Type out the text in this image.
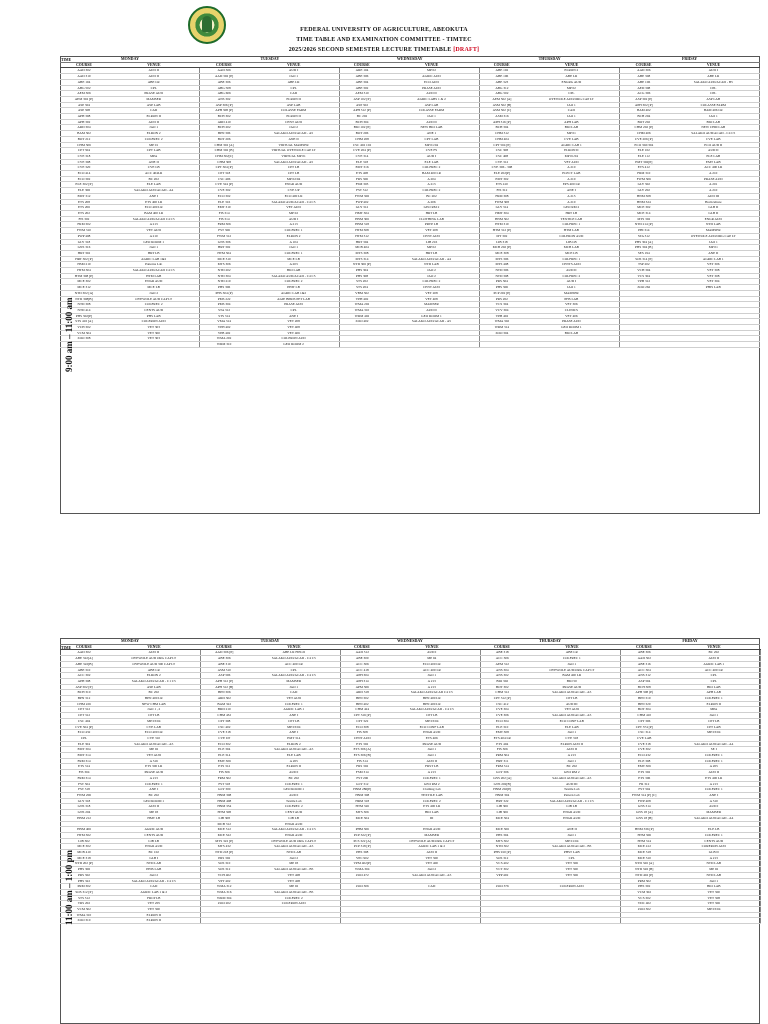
FEDERAL UNIVERSITY OF AGRICULTURE, ABEOKUTA
TIME TABLE AND EXAMINATION COMMITTEE - TIMTEC
2025/2026 SECOND SEMESTER LECTURE TIMETABLE [DRAFT]
TIME	MONDAY		TUESDAY		WEDNESDAY		THURSDAY		FRIDAY	
COURSE	VENUE	COURSE	VENUE	COURSE	VENUE	COURSE	VENUE	COURSE	VENUE
AAD 302	AUD II	AAD 306	AUD I	ARE 104	MP 02	ABE 102	ELRON 2	AAD 306	AUD I
AAD 310	AUD II	AAD 302 [P]	JAO 1	ABE 306	AGRIC AUD	ABE 106	ABE LR	ABE 308	ABE LR
ABE 104	ABE LR	ABE 306	ABE LR	ABE 304	ECO AUD	ABE 323	ENGRG AUD	ABE 106	SALAKO AUD/ACAD - B5
ABG 502	CPL	ABG 508	CPL	ABE 302	PRASE AUD	ABG 312	MP 02	AED 308	CPL
AEM 306	PRASE AUD	ABG 606	CAD	AEM 310	AUD II	ABG 502	CPL	ACG 306	CPL
AEM 302 [P]	MAMSER	ANS 302	ELRON II	ASP 102 [P]	AGRIC LABS 1 & 2	AEM 502 [A]	OYEWOLE AUD/ORG CAP LT	ASP 302 [P]	ASP LAB
ASP 304	ASP LAB	ASP 306 [P]	ASP LAB	ASP 302	ASP LAB	ASM 502 [B]	JAO 1	APH 302 [P]	COLASSE FARM
ASP 308	CAD	APH 308 [P]	COLASSE FARM	APH 312 [P]	COLASSE FARM	ASM 502 [C]	CAD	BAM 402	BAM 406 LR
APH 308	ELRON II	BCH 302	ELRON II	BC 202	JAO 1	ASM 316	JAO 1	BCH 204	JAO 1
APH 302	AUD II	ARD 410	CENT AUD	BCH 304	AUD II	APH 316 [P]	APH LAB	BOT 202	BIO LAB
ARD 304	JAO 1	BCH 202	JAO 2	BIO 102 [P]	NEW BIO LAB	BCH 304	BIO LAB	CHM 202 [P]	NEW CHM LAB
BAM 302	ELRON 2	BPN 306	SALAKO AUD/ACAD - A5	BOT 206	ANE 1	CHM 312	MP 01	CHM 406	SALAKO AUD/ACAD - C4 C5
BOT 212	COLFREC 2	BOT 206	ANE II	CHM 208	CPT LAB	CHM 404	CVE LAB	CVE 206 [P]	CVE LAB
CHM 306	MP 01	CHM 302 [A]	VIRTUAL MAMSER	CSC 402 102	MP 01/04	CPT 504 [P]	AGRIC LAB 1	ECO 302/304	ECO AUD II
CPT 304	CPT LAB	CHM 302 [B]	VIRTUAL OYEWOLE CAP LT	CVE 204 [P]	CVE FS	CSC 308	ELRON II	ELE 102	AUD II
CVE 318	MPA	CHM 302[C]	VIRTUAL MP 01	CVE 314	AUD I	CSC 408	MP 01/04	ELE 112	ELE LAB
CVE 308	ANE II	CHM 308	SALAKO AUD/ACAD - A5	ELE 318	ELE LAB	CVE 312	VET AUD	EMT 302[P]	EMT LAB
CVE 320	CVE LB	CPT 304 [P]	CPT LB	EMT 316	COLFREC 2	CVE 306 - 308	A 210	ETS 412	ACC 400 LR
ECO 414	ACC 404LR	CPT 318	CPT LB	ETS 408	BAM 400 LR	ELE 202[P]	ELECT LAB	FRM 310	A 210
ECO 302	BC 202	CSC 406	MP 02/04	FRS 306	A 204	EMT 302	A 210	FWM 306	PRASE AUD
ELE 302 [P]	ELE LAB	CVE 324 [P]	ENGR AUD	FSM 303	A 213	ETS 410	EPS 400 LR	GLY 302	A 201
ELE 306	SALAKO AUD/ACAD - A4	CVE 302	CVE UP	FST 312	COLFREC 2	FIS 312	ANE I	GLY 202	A 210
EMT 312	ANE I	ECO 302	ECO 400 LR	FWM 306	BC 202	FRM 308	A 213	HNM 308	AUD III
ETS 208	ETS 400 LR	ELE 316	SALAKO AUD/ACAD - C4 C5	FWP 402	A 206	FWM 308	A 210	HNM 324	Horticulture
ETS 206	ECO 400 LR	EMT 310	VET AUD	GLY 312	GEO RM 2	GLY 314	GEO RM 2	MCE 302	GLB II
ETS 202	BAM 400 LR	FIS 314	MP 02	HMT 304	HRT LB	HMT 304	HRT LB	MCE 314	GLB II
FIS 302	SALAKO AUD/ACAD C4 C5	FIS 314	AUD I	HNM 306	CLOTHING LAB	HNM 302	TEXTILE LAB	MTS 302	ENGR AUD
FRM 302	A 213	FRM 306	A 213	HNM 318	PRVP LB	HTM 310	COLFREC 1	NTD 214 [P]	NTD LAB
FWM 310	VET AUD	FST 306	COLFREC 1	HTM 308	VET 208	HTM 312 [P]	HTM LAB	PHI 314	MAMSER
PWP 408	A 210	FWM 312	ELRON 2	HTM 312	CENT AUD	IPT 302	COLERON AUD	STA 312	OYEWOLE AUD/ORG CAP LT
GLY 318	GEO ROOM 1	GNS 306	A 104	HRT 304	LIB 216	LIB 318	LIB LB	PHS 304 [A]	JAO 1
GNS 316	JAO 1	HRT 302	JAO 1	MCB 404	MP 02	MCB 202 [P]	MCB LAB	PHS 304 [B]	MP 01
HRT 302	HRT LB	HTM 304	COLFREC 1	MTS 308	HRT LB	MCE 308	MCE LB	SES 194	ANE II
HRT 302 [P]	AGRIC LAB 1&2	MCE 310	MCE LB	MTS 314	SALAKO AUD/ACAD - A4	MTS 306	COLFREC 1	SOS 314 [P]	AGRIC LAB 1
HSM 210	Patterns Lab	MTS 306	A 203	NTD 306 [P]	NTD LAB	MTS 408	CENTS AUD	TSP 202	VET 306
HTM 304	SALAKO AUD/ACAD C4 C5	NTD 202	BIO LAB	PHS 304	JAO 2	NTD 306	AUD II	VCH 304	VET 308
HTM 308 [P]	HTM LAB	NTD 304	SALAKO AUD/ACAD - C4 C5	PHS 308	JAO 2	NTD 308	COLFREC 2	VCS 304	VET 308
MCE 302	ENGR AUD	NTD 210	COLFREC 2	STS 202	COLFREC 2	PRS 304	AUD I	VPB 312	VET 304
MCE 312	MCE LB	PHS 306	PHIT LB	STS 204	CENT AUD	PHS 306	JAO 1	ZOO 262	PHIS LAB
NTD 302 [A]	JAO 2	PHS 304 (P)	AGRIC LAB 1&2	VBM 302	VET 208	PCP 202 [P]	MAMSER		
NTD 308[B]	OYEWOLE AUD CAP LT	PMS 222	AGIE BPRIS PET LAB	VPH 402	VET 408	PRS 202	PHS LAB		
NTD 308	COLFREC 2	PMS 304	PRASE AUD	WMA 202	MAMSER	VCS 304	VET 306		
NTD 414	CENTS AUD	STA 312	CPL	WMA 310	AUD II	VCV 304	CLINICS		
PHS 302[P]	PHS LAB	STS 314	ANE I	WRM 402	GEO ROOM 1	VPB 402	VET 406		
STS 416 [A]	COLERON AUD	VMA 314	VET 208	ZOO 402	SALAKO AUD/ACAD - A5	WMA 302	PRASE AUD		
VCH 302	VET 303	VPH 402	VET 408			WRM 314	GEO ROOM 1		
VCM 304	VET 300	VPB 402	VET 406			ZOO 304	BIO LAB		
ZOO 308	VET 303	WMA 202	COLERON AUD						
		WRM 310	GEO ROOM 2						
9:00 am – 11:00 am
TIME
MONDAY		TUESDAY		WEDNESDAY		THURSDAY		FRIDAY		
COURSE	VENUE	COURSE	VENUE	COURSE	VENUE	COURSE	VENUE	COURSE	VENUE	
AAD 302	AUD II	AAD 306 [P]	ABE LR FIELD	AAD 312	AUD I	ABE 318	ABE LR	ABE 306	BC 202	
ABE 322[A]	OYEWOLE AUD ORG CAP LT	ABE 306	SALAKO AUD/ACAD - C4 C5	ABE 300	MP 04	ACC 306	COLFREC 1	AAD 302	AUD II	
ABE 322[B]	OYEWOLE AUD 300 CAP LT	ABE 310	ACC 400 LR	ACC 306	ECO 400 LR	AEM 312	JAO 1	ABE 316	AGRIC LAB 1	
ABE 310	ABE LR	ASM 310	CPL	ACC 418	ACC 400 LR	ANS 304	OYEWOLE AUD/ORG CAP LT	ACC 304	ACC 400 LR	
ACC 302	ELRON 2	ASP 306	SALAKO AUD/ACAD - C4 C5	APH 304	JAO 1	ANS 302	BAM 400 LR	ANS 312	CPL	
APH 308	SALAKO AUD/ACAD - C1 C5	APH 312 [P]	MAMSER	APH 314	A 213	BIO 302	BIO 50	ASP 304	CPL	
ASP 302 [P]	ASP LAB	APH 312 [B]	JAO 1	APM 306	A 213	BOT 302	PRASE AUD	BCH 308	BIO LAB	
BCH 310	BC 202	BPN 306	CAD	ARD 318	SALAKO AUD/ACAD C4 C5	CHM 312	SALAKO AUD/ACAD - A5	APH 308 (P)	APH LAB	
BPN 312	BPN 400 LR	ARD 302	VET AUD	BPN 302	BPN 400 LR	CPT 312 [P]	CPT LB	BPN 310	COLFREC 1	
CHM 226	NEW CHM LAB	BAM 322	COLFREC 1	BPN 402	BPN 400 LR	CSC 412	AUD III	BPN 320	ELRON II	
CPT 312	JAO 1 , 2	BRD 210	AGRIC LAB 1	CHM 424	SALAKO AUD/ACAD - C4 C5	CVE 304	VET AUD	BOT 304	MPA	
CPT 312	CPT LB	CHM 432	ANE I	CPT 316 [P]	CPT LB	CVE 306	SALAKO AUD/ACAD - A5	CHM 410	JAO 1	
CSC 404	MP 03/04	CPT 308	CPT LB	CPT 322	MP 03/04	ECO 304	ECO CONF LAB	CPT 306	CPT LB	
CVE 304 [P]	CVE LAB	CSC 402	MP 03/04	ECO 308	ECO CONF LAB	ELE 310	ELE LAB	CPT 374 [P]	CPT LAB	
ECO 432	ECO 400 LR	CVE 318	ANE I	FIS 308	ENGR AUD	EMT 308	JAO 1	CSC 314	MP 03/04	
CPL	CVE 310	CVE UP	EMT 314	CENT AUD	ETS 406	ETS 404 LR	CVE 318	CVE LAB		
ELE 304	SALAKO AUD/ACAD - A5	ECO 302	ELRON 2	ETS 302	PRASE AUD	ETS 404	ELRON AUD II	CVE 318	SALAKO AUD/ACAD - A4	
EMT 304	MP 02	ELE 304	SALAKO AUD/ACAD - A5	ETS 306 [A]	JAO 1	FIS 306	AUD II	CVE 302	SE I	
EMT 314	VET AUD	ELE 314	ELE LAB	ETS 306 [B]	JAO 1	PRM 304	A 213	ECO 432	COLFREC 1	
FRM 314	A 316	EMT 306	A 205	FIS 314	AUD II	HRT 311	JAO 1	ELE 308	COLFREC 1	
ETS 314	ETS 300 LR	ETS 312	ELRON II	FRS 302	FRST LB	FRM 314	BC 202	EMT 306	A 205	
FIS 304	PRASE AUD	FIS 306	AUD I	FSM 314	A 213	GLY 306	GEO RM 2	ETS 302	AUD II	
FRM 314	A 213	FRM 302	BC 202	FST 206	COLFREC 1	GNS 202 [A]	SALAKO AUD/ACAD - A5	ETS 306	ETS 400 LR	
FST 304	COLFREC 1	FST 318	COLFREC 1	GLY 312	GEO RM 2	GNS 202[B]	AUD III	FR 312	A 213	
FST 318	ANE I	GLY 300	GEO ROOM 1	HNM 286[P]	Clothing Lab	HNM 202[P]	Textile Lab	FST 304	COLFREC 1	
FWM 206	BC 202	HNM 308	AUD I	HNM 308	TEXTILE LAB	HNM 304	Pattern Lab	FWM 314 [P] [C]	ANE I	
GLY 318	GEO ROOM 1	HNM 408	Textile Lab	HRM 318	COLFREC 2	HRT 322	SALAKO AUD/ACAD - C1 C5	FWP 408	A 310	
GNS 318	AUD II	HNM 334	COLFREC 2	HTM 326	ETS 400 LR	LIB 306	LIB LB	GNS 314	AUD I	
GNS 204	MP 03	HTM 308	CENT AUD	MTS 306	BIO LAB	LIB 306	ENGR AUD	GNS 18 [A]	MAMSER	
HNM 212	HMT LB	LIB 308	LIB LB	MCE 304	III	MCE 304	ENGR AUD	GNS 18 [B]	SALAKO AUD/ACAD - A4	
		MCB 312	ENGR AUD							
HNM 406	AGRIC AUD	MCE 312	SALAKO AUD/ACAD - C4 C5	PHM 306	ENGR AUD	MCE 306	ANE II	HNM 336 [P]	ELE LB	
HTM 302	CENTS AUD	MCE 322	ENGR AUD	PCP 322 [P]	MAMSER	PHS 304	JAO 1	HTM 306	COLFREC 1	
LIB 302	LIB LB	MTS 322 [P]	OYEWOLE AUD ORG CAP LT	PCS 322 [A]	OYEWOLE AUD/ORG CAP LT	MTS 302	MP 01/04	HTM 314	CENTS AUD	
MCE 302	ENGR AUD	MTS 432	SALAKO AUD/ACAD - A5	PCP 318 [P]	AGRIC LAB 1 & 2	NTD 302	SALAKO AUD/ACAD - B5	MCE 412	CORERON AUD	
MCB 410	BC 102	NTD 218 [P]	NTD LAB	PHS 308	AUD II	PHS 910 [P]	PHST LAB	MCE 318	GLB II	
MCE 318	GLB I	PRS 302	JAO 2	VPC 902	VET 300	SOS 312	CPL	MCE 310	A 213	
NTD 202 [P]	NTD LAB	SOS 310	MP 03	VPM 402[P]	VET 400	VCS 402	VET 306	NTD 326 [A]	NTD LAB	
PHS 306	PHIS LAB	SOS 312	SALAKO AUD/ACAD - B5	WMA 304	JAO 2	VCT 302	VET 300	NTD 326 [B]	MP 02	
PRS 302	JAO 2	VCH 402	VET 408	ZOO 472	SALAKO AUD/ACAD - A5	VPP 402	VET 306	NTD 402 [P]	NTD LAB	
PHS 322	SALAKO AUD/ACAD - C4 C5	VPT 402	VET 408					PRM 302	JAO 1	
PRM 302	CAD	WMA 312	MP 02	ZOO 306	CAD	ZOO 376	COLERON AUD	PHS 302	BIO LAB	
SOS 312 [P]	AGRIC LAB 1 & 2	WMA 316	SALAKO AUD/ACAD - B5					VCM 302	VET 300	
STS 312	FRCP LB	WRM 304	COLFREC 2					VCS 302	VET 308	
TRS 202	VET 205	ZOO 202	COLERON AUD					VDC 402	VET 306	
VCM 302	VET 300							ZOO 302	MP 03/04	
WMA 310	ELRON II									
ZOO 310	ELRON II									
11:00 am – 1:00 pm
